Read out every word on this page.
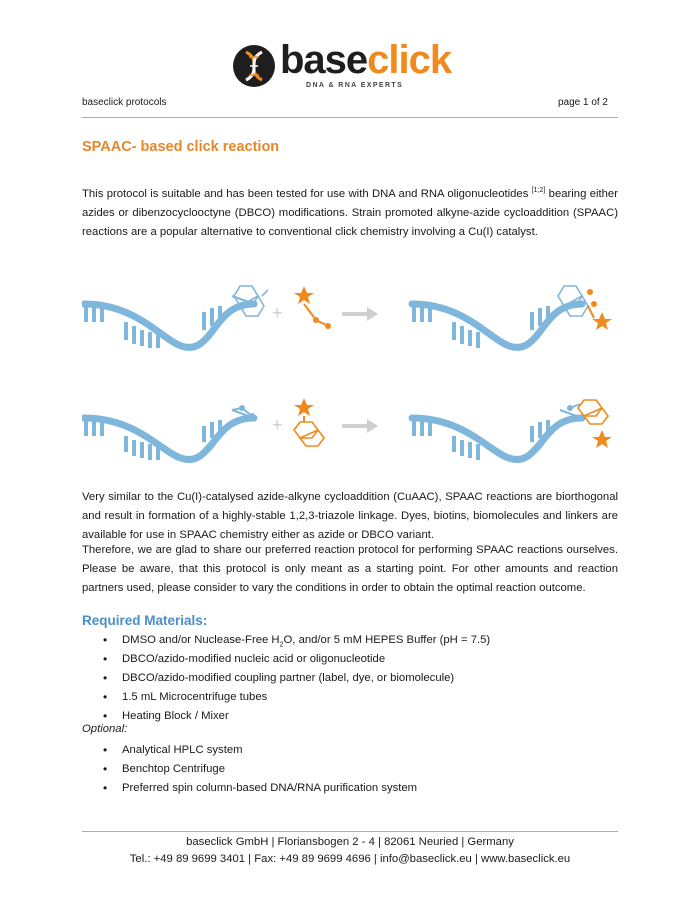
baseclick
DNA & RNA EXPERTS
baseclick protocols	page 1 of 2
SPAAC- based click reaction

This protocol is suitable and has been tested for use with DNA and RNA oligonucleotides [1;2] bearing either azides or dibenzocyclooctyne (DBCO) modifications. Strain promoted alkyne-azide cycloaddition (SPAAC) reactions are a popular alternative to conventional click chemistry involving a Cu(I) catalyst.

+
+

Very similar to the Cu(I)-catalysed azide-alkyne cycloaddition (CuAAC), SPAAC reactions are biorthogonal and result in formation of a highly-stable 1,2,3-triazole linkage. Dyes, biotins, biomolecules and linkers are available for use in SPAAC chemistry either as azide or DBCO variant.

Therefore, we are glad to share our preferred reaction protocol for performing SPAAC reactions ourselves. Please be aware, that this protocol is only meant as a starting point. For other amounts and reaction partners used, please consider to vary the conditions in order to obtain the optimal reaction outcome.

Required Materials:
• DMSO and/or Nuclease-Free $H_2O$, and/or 5 mM HEPES Buffer (pH = 7.5)
• DBCO/azido-modified nucleic acid or oligonucleotide
• DBCO/azido-modified coupling partner (label, dye, or biomolecule)
• 1.5 mL Microcentrifuge tubes
• Heating Block / Mixer
Optional:
• Analytical HPLC system
• Benchtop Centrifuge
• Preferred spin column-based DNA/RNA purification system
baseclick GmbH | Floriansbogen 2 - 4 | 82061 Neuried | Germany
Tel.: +49 89 9699 3401 | Fax: +49 89 9699 4696 | info@baseclick.eu | www.baseclick.eu
